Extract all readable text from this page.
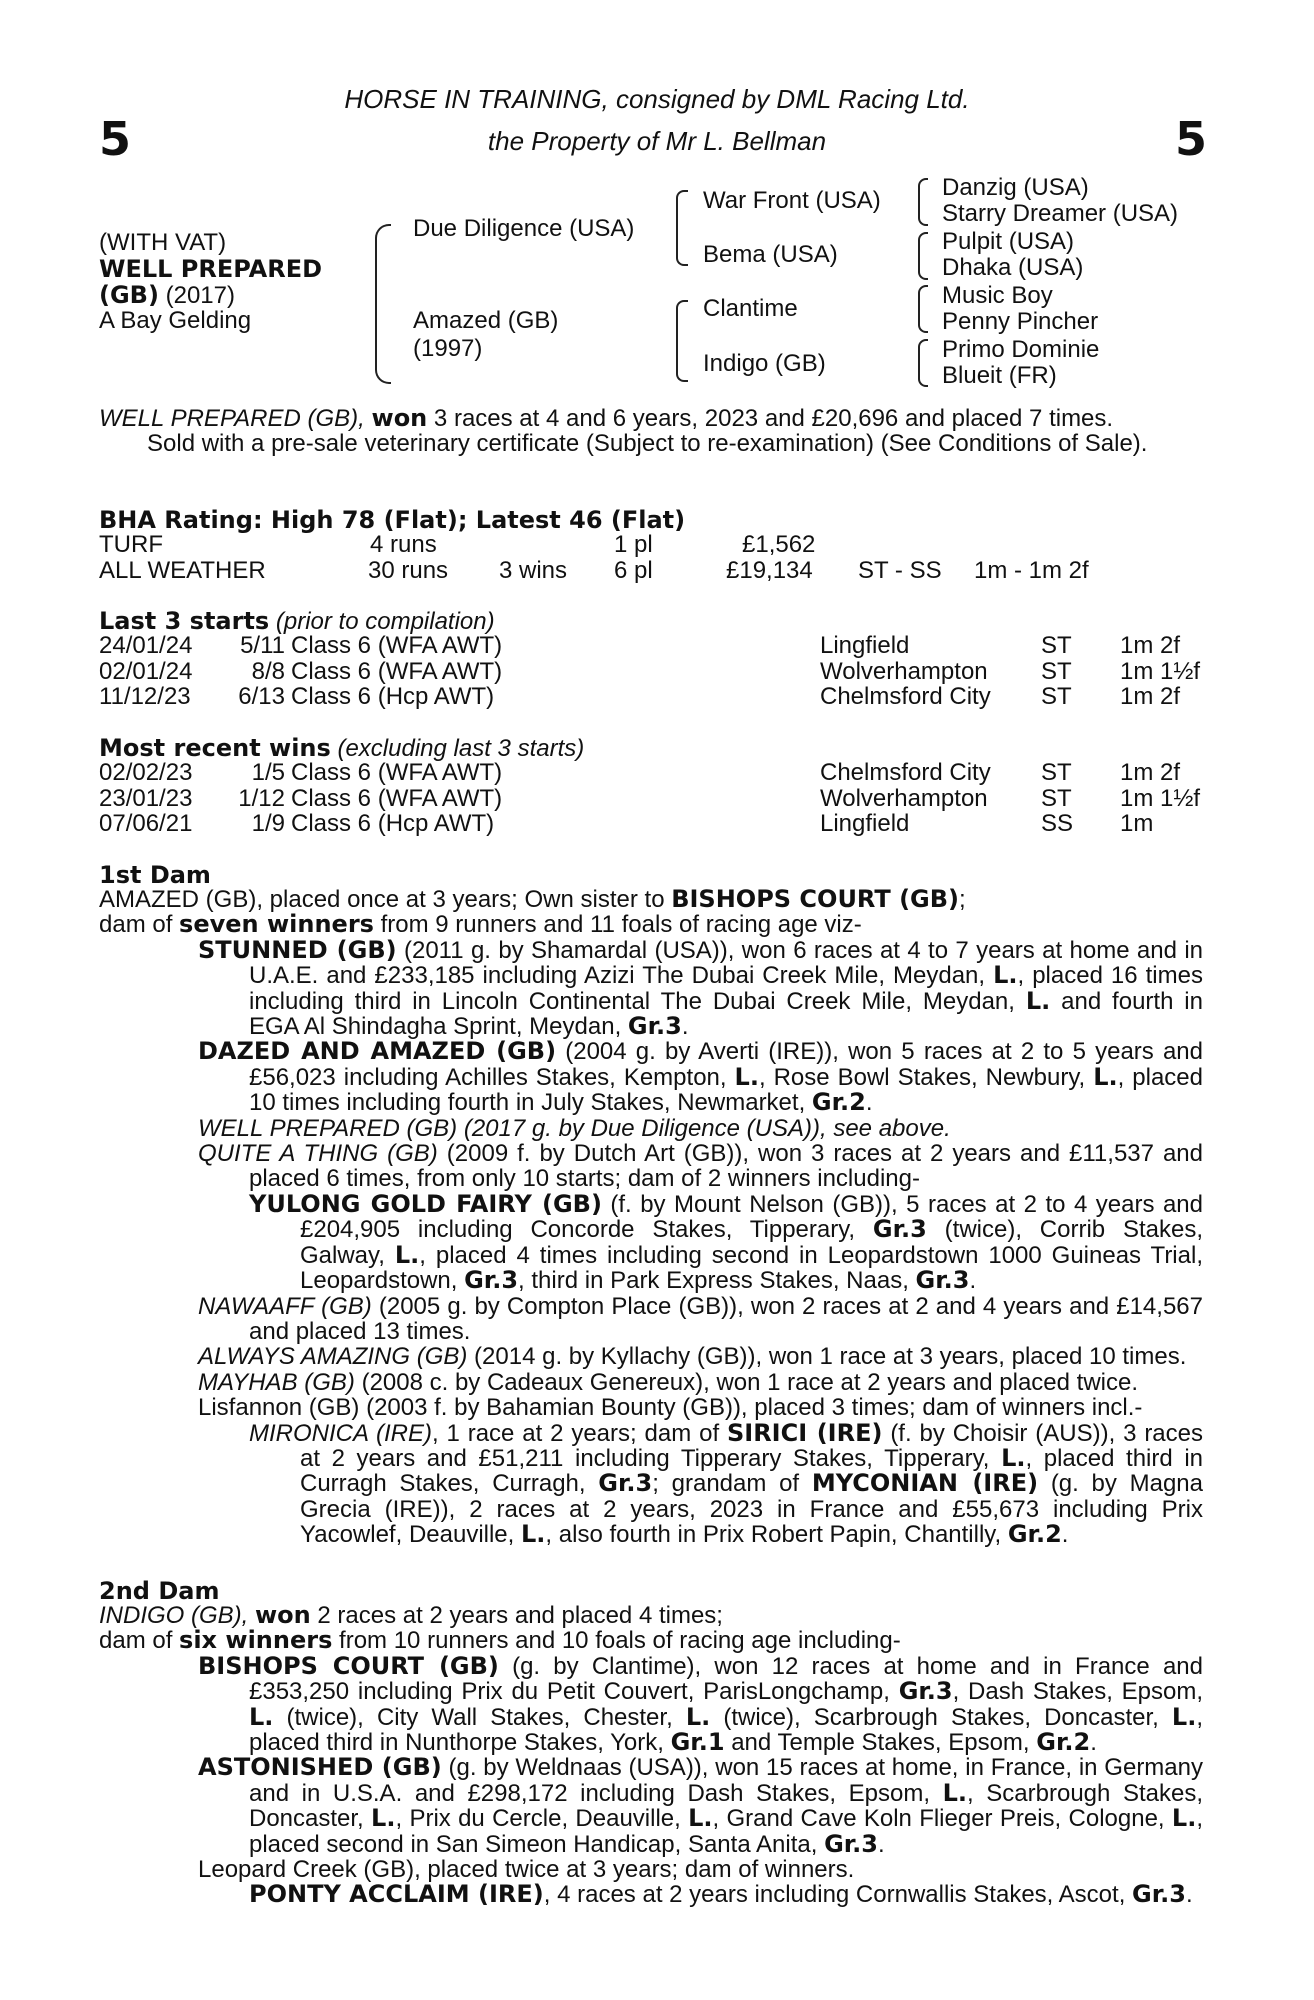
5	5
HORSE IN TRAINING, consigned by DML Racing Ltd.
the Property of Mr L. Bellman
(WITH VAT)
WELL PREPARED
(GB) (2017)
A Bay Gelding
Due Diligence (USA)
Amazed (GB)
(1997)
War Front (USA)
Bema (USA)
Clantime
Indigo (GB)
Danzig (USA)
Starry Dreamer (USA)
Pulpit (USA)
Dhaka (USA)
Music Boy
Penny Pincher
Primo Dominie
Blueit (FR)

WELL PREPARED (GB), won 3 races at 4 and 6 years, 2023 and £20,696 and placed 7 times.

Sold with a pre-sale veterinary certificate (Subject to re-examination) (See Conditions of Sale).

BHA Rating: High 78 (Flat); Latest 46 (Flat)
TURF	4 runs	1 pl	£1,562
ALL WEATHER	30 runs 3 wins 6 pl	£19,134 ST - SS 1m - 1m 2f
Last 3 starts (prior to compilation)
24/01/24	5/11 Class 6 (WFA AWT)	Lingfield	ST 1m 2f
02/01/24	8/8 Class 6 (WFA AWT)	Wolverhampton ST 1m 1½f
11/12/23	6/13 Class 6 (Hcp AWT)	Chelmsford City ST 1m 2f
Most recent wins (excluding last 3 starts)
02/02/23	1/5 Class 6 (WFA AWT)	Chelmsford City ST 1m 2f
23/01/23	1/12 Class 6 (WFA AWT)	Wolverhampton ST 1m 1½f
07/06/21	1/9 Class 6 (Hcp AWT)	Lingfield	SS 1m
1st Dam

AMAZED (GB), placed once at 3 years; Own sister to BISHOPS COURT (GB);

dam of seven winners from 9 runners and 11 foals of racing age viz-

STUNNED (GB) (2011 g. by Shamardal (USA)), won 6 races at 4 to 7 years at home and in U.A.E. and £233,185 including Azizi The Dubai Creek Mile, Meydan, L., placed 16 times including third in Lincoln Continental The Dubai Creek Mile, Meydan, L. and fourth in EGA Al Shindagha Sprint, Meydan, Gr.3.

DAZED AND AMAZED (GB) (2004 g. by Averti (IRE)), won 5 races at 2 to 5 years and £56,023 including Achilles Stakes, Kempton, L., Rose Bowl Stakes, Newbury, L., placed 10 times including fourth in July Stakes, Newmarket, Gr.2.

WELL PREPARED (GB) (2017 g. by Due Diligence (USA)), see above.

QUITE A THING (GB) (2009 f. by Dutch Art (GB)), won 3 races at 2 years and £11,537 and placed 6 times, from only 10 starts; dam of 2 winners including-

YULONG GOLD FAIRY (GB) (f. by Mount Nelson (GB)), 5 races at 2 to 4 years and £204,905 including Concorde Stakes, Tipperary, Gr.3 (twice), Corrib Stakes, Galway, L., placed 4 times including second in Leopardstown 1000 Guineas Trial, Leopardstown, Gr.3, third in Park Express Stakes, Naas, Gr.3.

NAWAAFF (GB) (2005 g. by Compton Place (GB)), won 2 races at 2 and 4 years and £14,567 and placed 13 times.

ALWAYS AMAZING (GB) (2014 g. by Kyllachy (GB)), won 1 race at 3 years, placed 10 times.

MAYHAB (GB) (2008 c. by Cadeaux Genereux), won 1 race at 2 years and placed twice.

Lisfannon (GB) (2003 f. by Bahamian Bounty (GB)), placed 3 times; dam of winners incl.-

MIRONICA (IRE), 1 race at 2 years; dam of SIRICI (IRE) (f. by Choisir (AUS)), 3 races at 2 years and £51,211 including Tipperary Stakes, Tipperary, L., placed third in Curragh Stakes, Curragh, Gr.3; grandam of MYCONIAN (IRE) (g. by Magna Grecia (IRE)), 2 races at 2 years, 2023 in France and £55,673 including Prix Yacowlef, Deauville, L., also fourth in Prix Robert Papin, Chantilly, Gr.2.

2nd Dam

INDIGO (GB), won 2 races at 2 years and placed 4 times;

dam of six winners from 10 runners and 10 foals of racing age including-

BISHOPS COURT (GB) (g. by Clantime), won 12 races at home and in France and £353,250 including Prix du Petit Couvert, ParisLongchamp, Gr.3, Dash Stakes, Epsom, L. (twice), City Wall Stakes, Chester, L. (twice), Scarbrough Stakes, Doncaster, L., placed third in Nunthorpe Stakes, York, Gr.1 and Temple Stakes, Epsom, Gr.2.

ASTONISHED (GB) (g. by Weldnaas (USA)), won 15 races at home, in France, in Germany and in U.S.A. and £298,172 including Dash Stakes, Epsom, L., Scarbrough Stakes, Doncaster, L., Prix du Cercle, Deauville, L., Grand Cave Koln Flieger Preis, Cologne, L., placed second in San Simeon Handicap, Santa Anita, Gr.3.

Leopard Creek (GB), placed twice at 3 years; dam of winners.

PONTY ACCLAIM (IRE), 4 races at 2 years including Cornwallis Stakes, Ascot, Gr.3.
